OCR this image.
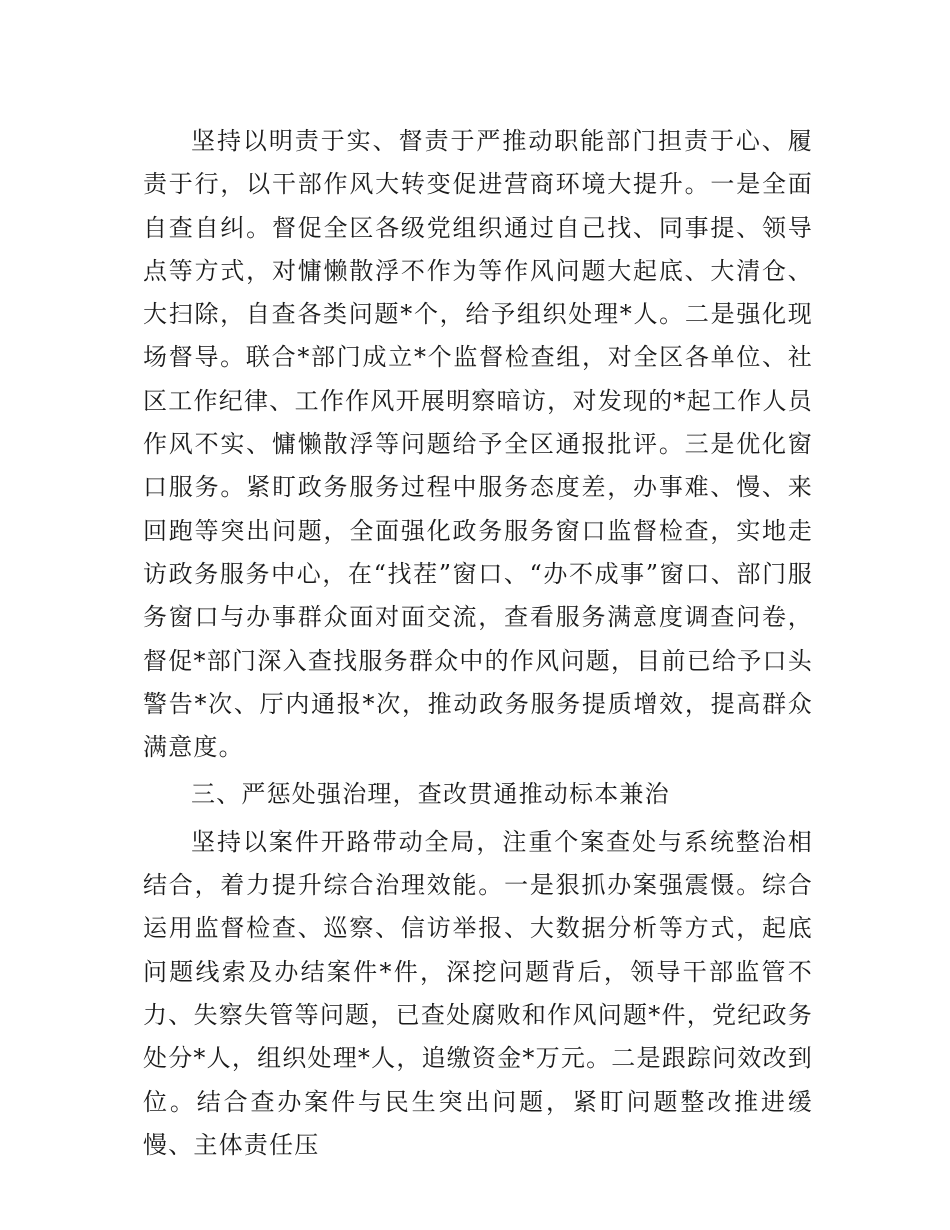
坚持以明责于实、督责于严推动职能部门担责于心、履责于行，以干部作风大转变促进营商环境大提升。一是全面自查自纠。督促全区各级党组织通过自己找、同事提、领导点等方式，对慵懒散浮不作为等作风问题大起底、大清仓、大扫除，自查各类问题*个，给予组织处理*人。二是强化现场督导。联合*部门成立*个监督检查组，对全区各单位、社区工作纪律、工作作风开展明察暗访，对发现的*起工作人员作风不实、慵懒散浮等问题给予全区通报批评。三是优化窗口服务。紧盯政务服务过程中服务态度差，办事难、慢、来回跑等突出问题，全面强化政务服务窗口监督检查，实地走访政务服务中心，在“找茬”窗口、“办不成事”窗口、部门服务窗口与办事群众面对面交流，查看服务满意度调查问卷，督促*部门深入查找服务群众中的作风问题，目前已给予口头警告*次、厅内通报*次，推动政务服务提质增效，提高群众满意度。

三、严惩处强治理，查改贯通推动标本兼治

坚持以案件开路带动全局，注重个案查处与系统整治相结合，着力提升综合治理效能。一是狠抓办案强震慑。综合运用监督检查、巡察、信访举报、大数据分析等方式，起底问题线索及办结案件*件，深挖问题背后，领导干部监管不力、失察失管等问题，已查处腐败和作风问题*件，党纪政务处分*人，组织处理*人，追缴资金*万元。二是跟踪问效改到位。结合查办案件与民生突出问题，紧盯问题整改推进缓慢、主体责任压
